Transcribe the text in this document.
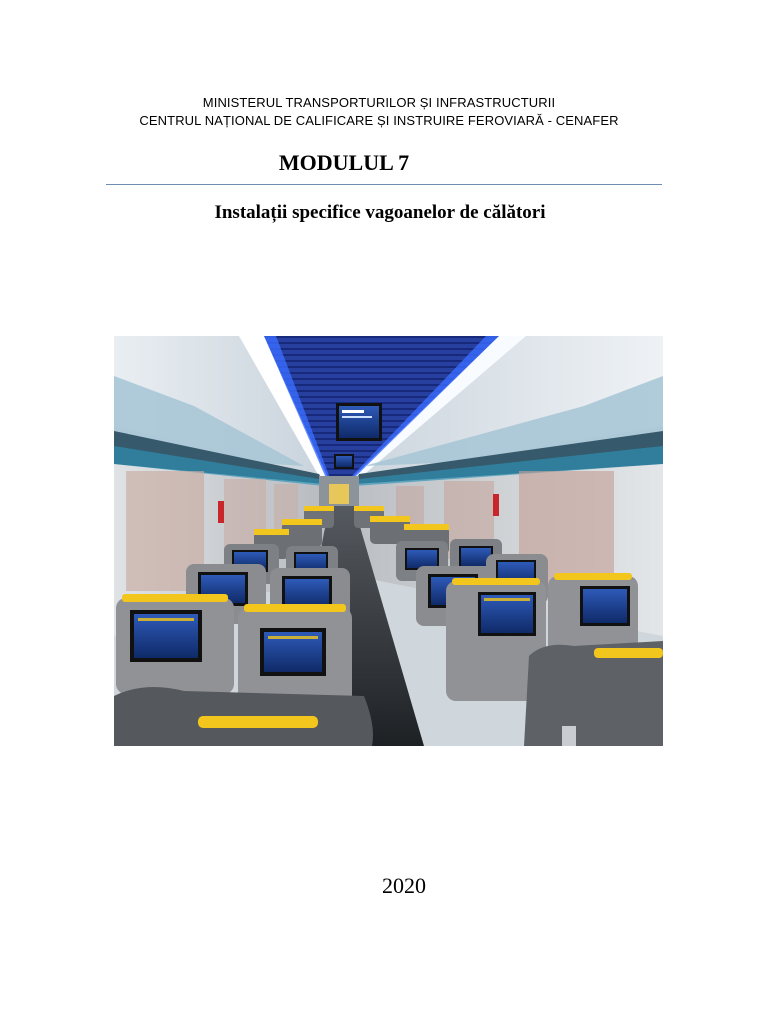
MINISTERUL TRANSPORTURILOR ȘI INFRASTRUCTURII
CENTRUL NAȚIONAL DE CALIFICARE ȘI INSTRUIRE FEROVIARĂ - CENAFER
MODULUL 7
Instalații specifice vagoanelor de călători
2020
